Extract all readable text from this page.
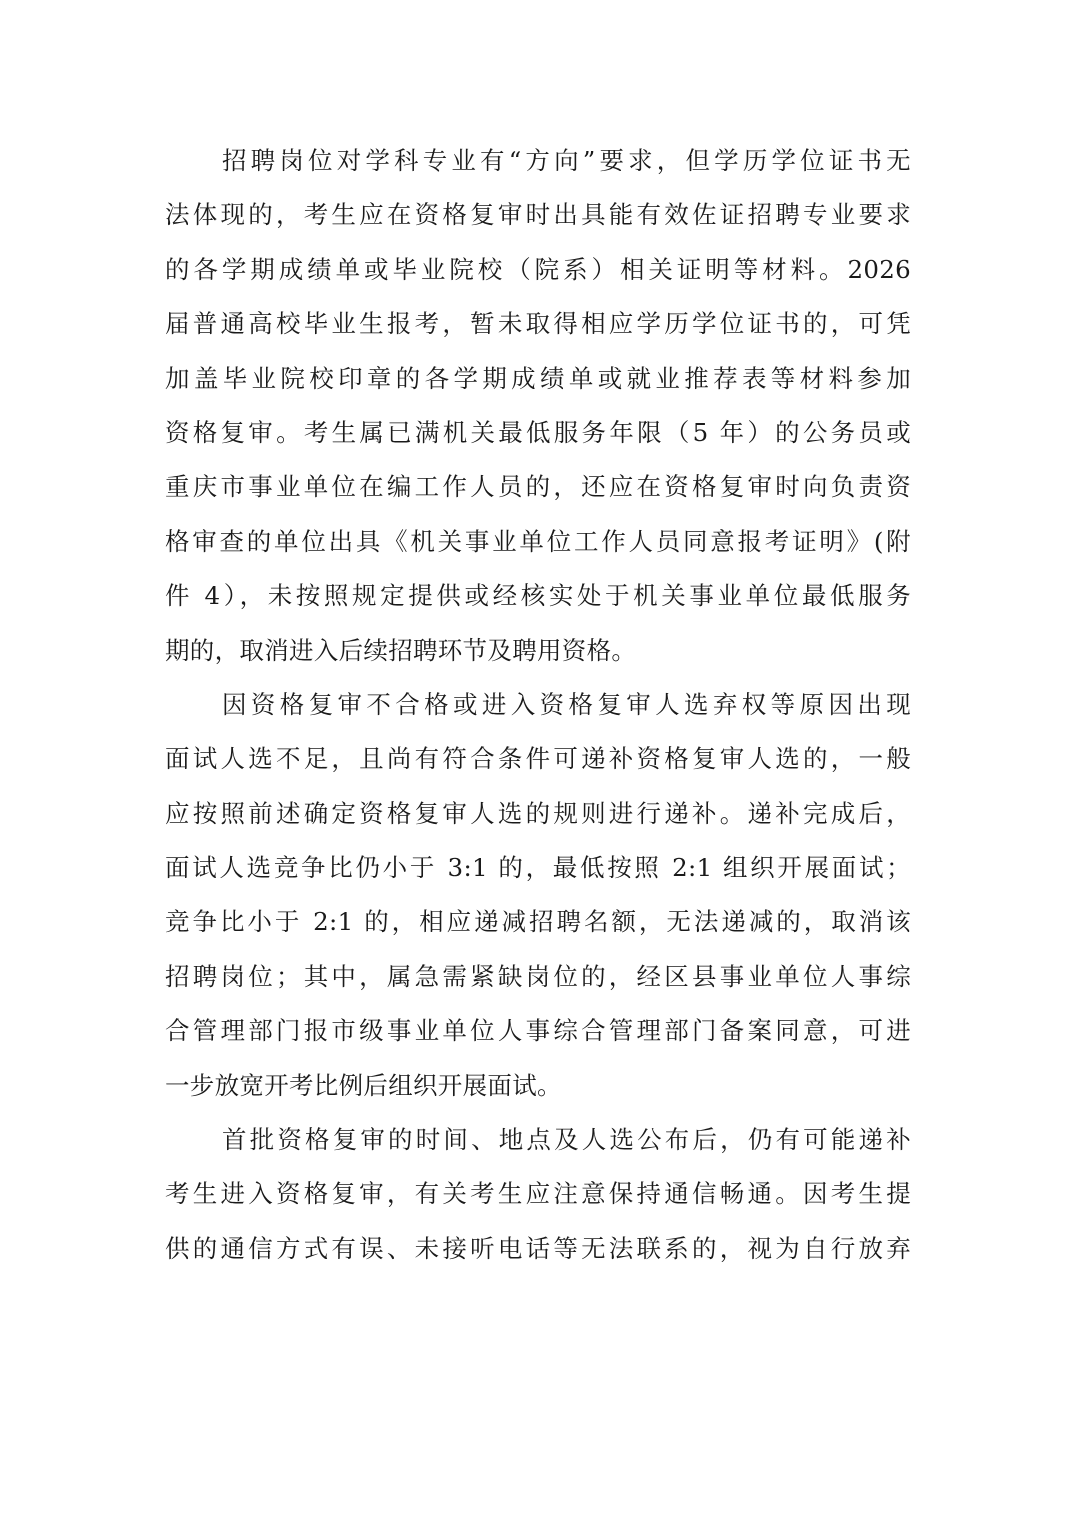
招聘岗位对学科专业有“方向”要求，但学历学位证书无
法体现的，考生应在资格复审时出具能有效佐证招聘专业要求
的各学期成绩单或毕业院校（院系）相关证明等材料。2026
届普通高校毕业生报考，暂未取得相应学历学位证书的，可凭
加盖毕业院校印章的各学期成绩单或就业推荐表等材料参加
资格复审。考生属已满机关最低服务年限（5 年）的公务员或
重庆市事业单位在编工作人员的，还应在资格复审时向负责资
格审查的单位出具《机关事业单位工作人员同意报考证明》(附
件 4），未按照规定提供或经核实处于机关事业单位最低服务
期的，取消进入后续招聘环节及聘用资格。
因资格复审不合格或进入资格复审人选弃权等原因出现
面试人选不足，且尚有符合条件可递补资格复审人选的，一般
应按照前述确定资格复审人选的规则进行递补。递补完成后，
面试人选竞争比仍小于 3:1 的，最低按照 2:1 组织开展面试；
竞争比小于 2:1 的，相应递减招聘名额，无法递减的，取消该
招聘岗位；其中，属急需紧缺岗位的，经区县事业单位人事综
合管理部门报市级事业单位人事综合管理部门备案同意，可进
一步放宽开考比例后组织开展面试。
首批资格复审的时间、地点及人选公布后，仍有可能递补
考生进入资格复审，有关考生应注意保持通信畅通。因考生提
供的通信方式有误、未接听电话等无法联系的，视为自行放弃
